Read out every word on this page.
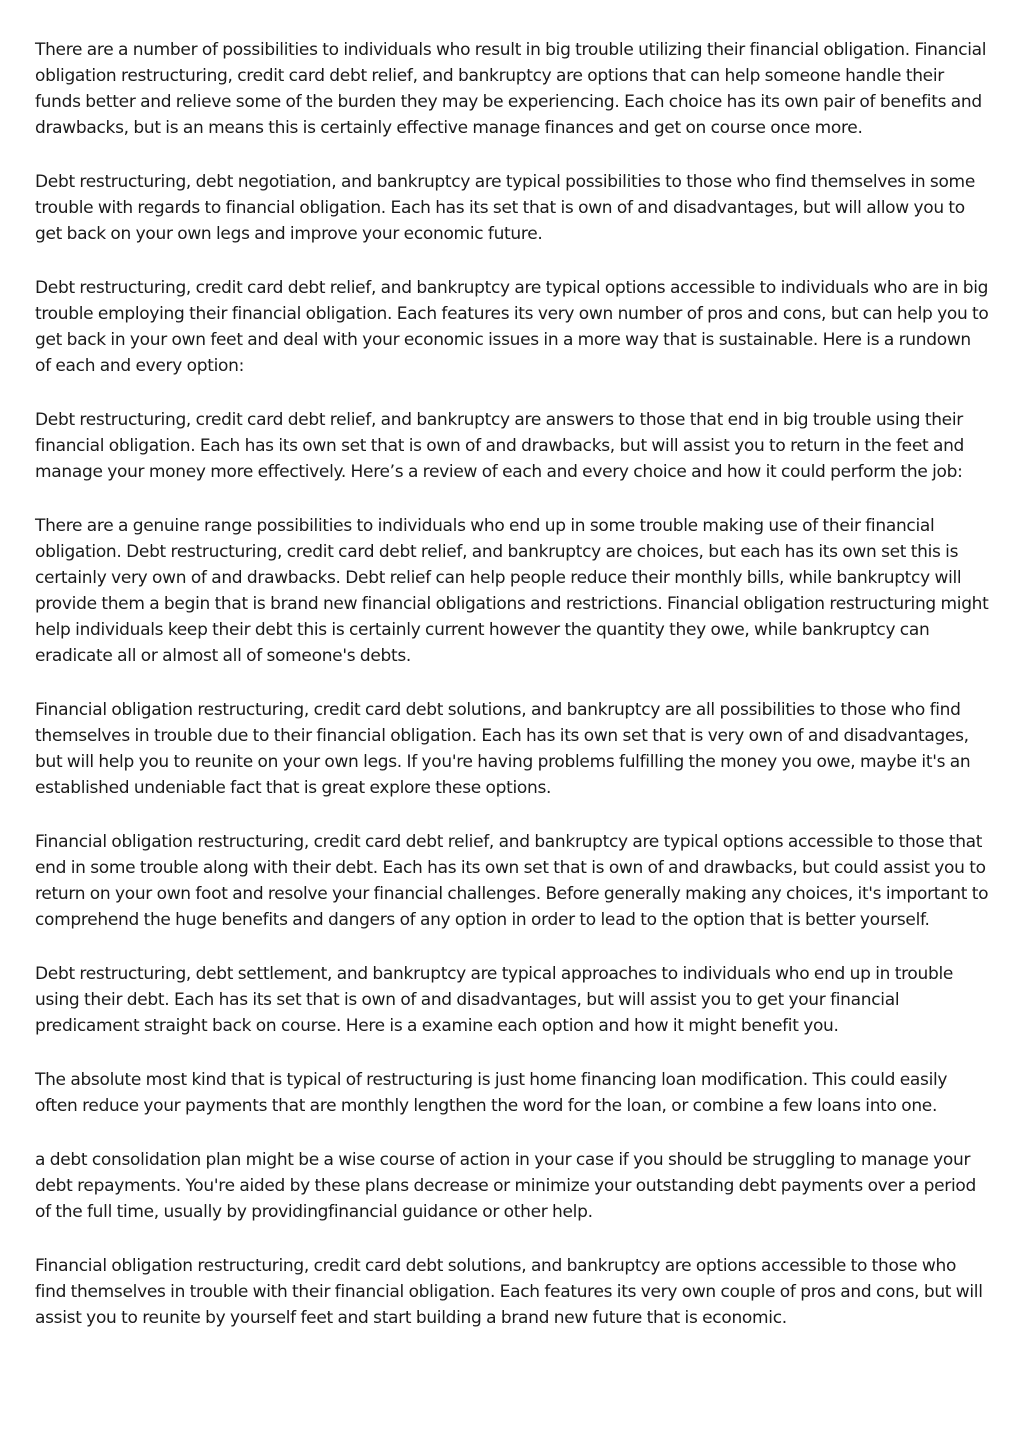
There are a number of possibilities to individuals who result in big trouble utilizing their financial obligation. Financial obligation restructuring, credit card debt relief, and bankruptcy are options that can help someone handle their funds better and relieve some of the burden they may be experiencing. Each choice has its own pair of benefits and drawbacks, but is an means this is certainly effective manage finances and get on course once more.

Debt restructuring, debt negotiation, and bankruptcy are typical possibilities to those who find themselves in some trouble with regards to financial obligation. Each has its set that is own of and disadvantages, but will allow you to get back on your own legs and improve your economic future.

Debt restructuring, credit card debt relief, and bankruptcy are typical options accessible to individuals who are in big trouble employing their financial obligation. Each features its very own number of pros and cons, but can help you to get back in your own feet and deal with your economic issues in a more way that is sustainable. Here is a rundown of each and every option:

Debt restructuring, credit card debt relief, and bankruptcy are answers to those that end in big trouble using their financial obligation. Each has its own set that is own of and drawbacks, but will assist you to return in the feet and manage your money more effectively. Here’s a review of each and every choice and how it could perform the job:

There are a genuine range possibilities to individuals who end up in some trouble making use of their financial obligation. Debt restructuring, credit card debt relief, and bankruptcy are choices, but each has its own set this is certainly very own of and drawbacks. Debt relief can help people reduce their monthly bills, while bankruptcy will provide them a begin that is brand new financial obligations and restrictions. Financial obligation restructuring might help individuals keep their debt this is certainly current however the quantity they owe, while bankruptcy can eradicate all or almost all of someone's debts.

Financial obligation restructuring, credit card debt solutions, and bankruptcy are all possibilities to those who find themselves in trouble due to their financial obligation. Each has its own set that is very own of and disadvantages, but will help you to reunite on your own legs. If you're having problems fulfilling the money you owe, maybe it's an established undeniable fact that is great explore these options.

Financial obligation restructuring, credit card debt relief, and bankruptcy are typical options accessible to those that end in some trouble along with their debt. Each has its own set that is own of and drawbacks, but could assist you to return on your own foot and resolve your financial challenges. Before generally making any choices, it's important to comprehend the huge benefits and dangers of any option in order to lead to the option that is better yourself.

Debt restructuring, debt settlement, and bankruptcy are typical approaches to individuals who end up in trouble using their debt. Each has its set that is own of and disadvantages, but will assist you to get your financial predicament straight back on course. Here is a examine each option and how it might benefit you.

The absolute most kind that is typical of restructuring is just home financing loan modification. This could easily often reduce your payments that are monthly lengthen the word for the loan, or combine a few loans into one.

a debt consolidation plan might be a wise course of action in your case if you should be struggling to manage your debt repayments. You're aided by these plans decrease or minimize your outstanding debt payments over a period of the full time, usually by providingfinancial guidance or other help.

Financial obligation restructuring, credit card debt solutions, and bankruptcy are options accessible to those who find themselves in trouble with their financial obligation. Each features its very own couple of pros and cons, but will assist you to reunite by yourself feet and start building a brand new future that is economic.
